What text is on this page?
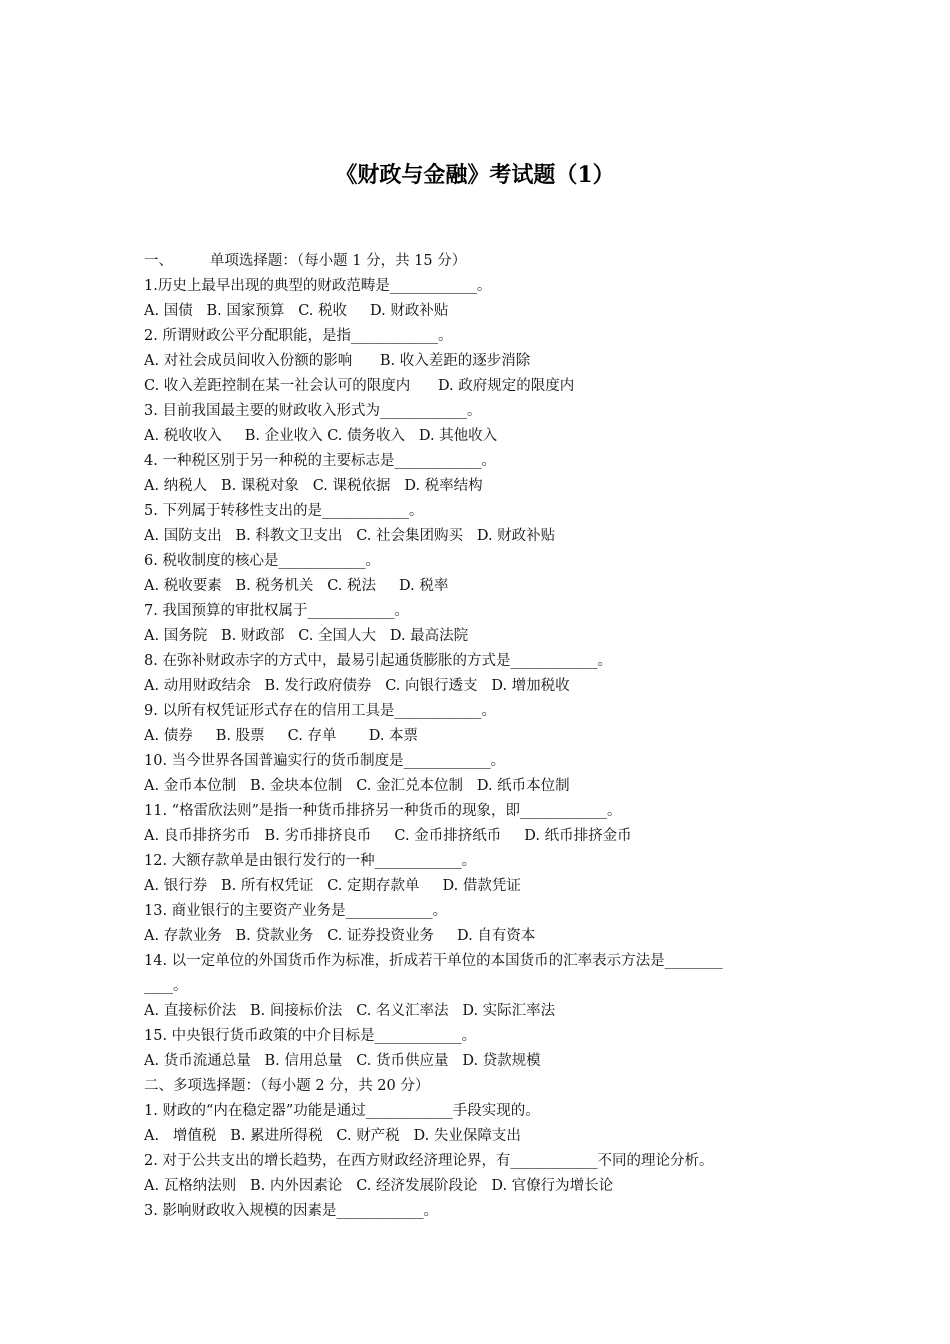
《财政与金融》考试题（1）
一、        单项选择题：（每小题 1 分，共 15 分）
1.历史上最早出现的典型的财政范畴是____________。
A. 国债   B. 国家预算   C. 税收     D. 财政补贴
2. 所谓财政公平分配职能，是指____________。
A. 对社会成员间收入份额的影响      B. 收入差距的逐步消除
C. 收入差距控制在某一社会认可的限度内      D. 政府规定的限度内
3. 目前我国最主要的财政收入形式为____________。
A. 税收收入     B. 企业收入 C. 债务收入   D. 其他收入
4. 一种税区别于另一种税的主要标志是____________。
A. 纳税人   B. 课税对象   C. 课税依据   D. 税率结构
5. 下列属于转移性支出的是____________。
A. 国防支出   B. 科教文卫支出   C. 社会集团购买   D. 财政补贴
6. 税收制度的核心是____________。
A. 税收要素   B. 税务机关   C. 税法     D. 税率
7. 我国预算的审批权属于____________。
A. 国务院   B. 财政部   C. 全国人大   D. 最高法院
8. 在弥补财政赤字的方式中，最易引起通货膨胀的方式是____________。
A. 动用财政结余   B. 发行政府债券   C. 向银行透支   D. 增加税收
9. 以所有权凭证形式存在的信用工具是____________。
A. 债券     B. 股票     C. 存单       D. 本票
10. 当今世界各国普遍实行的货币制度是____________。
A. 金币本位制   B. 金块本位制   C. 金汇兑本位制   D. 纸币本位制
11. “格雷欣法则”是指一种货币排挤另一种货币的现象，即____________。
A. 良币排挤劣币   B. 劣币排挤良币     C. 金币排挤纸币     D. 纸币排挤金币
12. 大额存款单是由银行发行的一种____________。
A. 银行券   B. 所有权凭证   C. 定期存款单     D. 借款凭证
13. 商业银行的主要资产业务是____________。
A. 存款业务   B. 贷款业务   C. 证券投资业务     D. 自有资本
14. 以一定单位的外国货币作为标准，折成若干单位的本国货币的汇率表示方法是________
____。
A. 直接标价法   B. 间接标价法   C. 名义汇率法   D. 实际汇率法
15. 中央银行货币政策的中介目标是____________。
A. 货币流通总量   B. 信用总量   C. 货币供应量   D. 贷款规模
二、多项选择题：（每小题 2 分，共 20 分）
1. 财政的“内在稳定器”功能是通过____________手段实现的。
A.   增值税   B. 累进所得税   C. 财产税   D. 失业保障支出
2. 对于公共支出的增长趋势，在西方财政经济理论界，有____________不同的理论分析。
A. 瓦格纳法则   B. 内外因素论   C. 经济发展阶段论   D. 官僚行为增长论
3. 影响财政收入规模的因素是____________。
